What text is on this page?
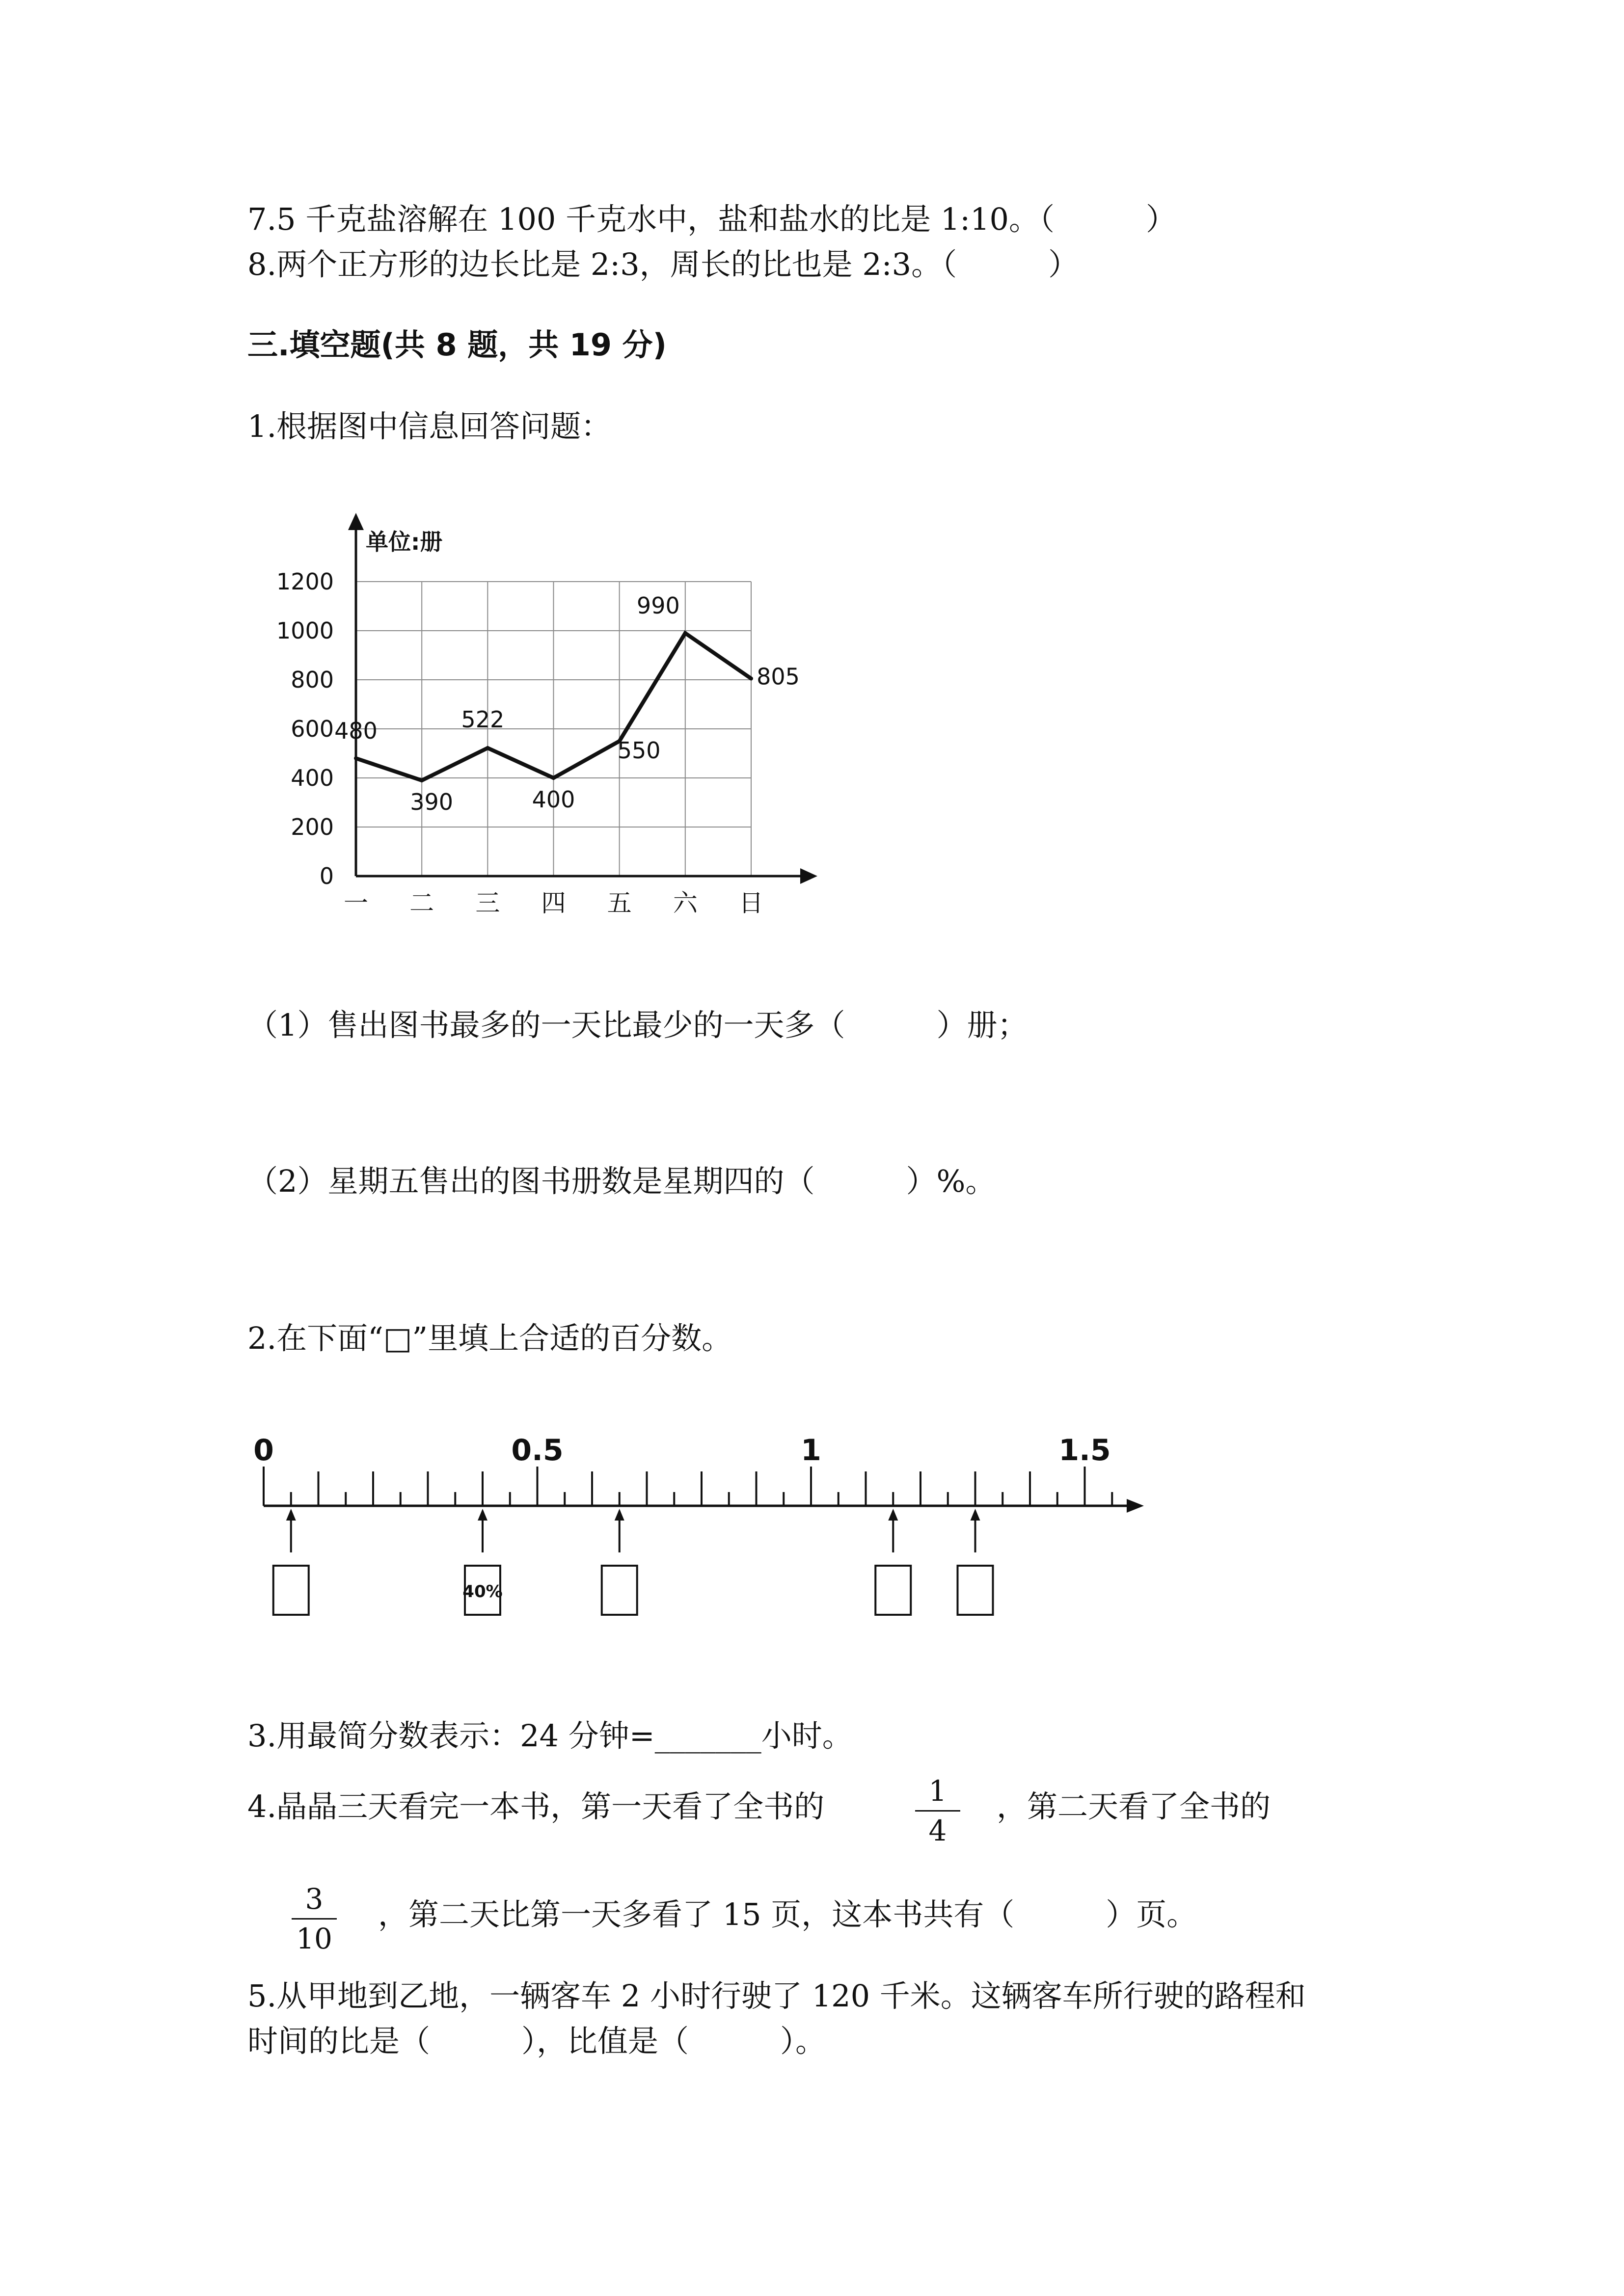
7.5 千克盐溶解在 100 千克水中，盐和盐水的比是 1:10。（　　　）
8.两个正方形的边长比是 2:3，周长的比也是 2:3。（　　　）
三.填空题(共 8 题，共 19 分)
1.根据图中信息回答问题：
0
200
400
600
800
1000
1200
一 二 三 四 五 六 日
480
390
522
400
550
990
805
单位:册
（1）售出图书最多的一天比最少的一天多（　　　）册；
（2）星期五售出的图书册数是星期四的（　　　）%。
2.在下面“□”里填上合适的百分数。
0	0.5	1	1.5
40%
3.用最简分数表示：24 分钟=_______小时。
4.晶晶三天看完一本书，第一天看了全书的	1
4
，第二天看了全书的
3
10
，第二天比第一天多看了 15 页，这本书共有（　　　）页。
5.从甲地到乙地，一辆客车 2 小时行驶了 120 千米。这辆客车所行驶的路程和
时间的比是（　　　），比值是（　　　）。
